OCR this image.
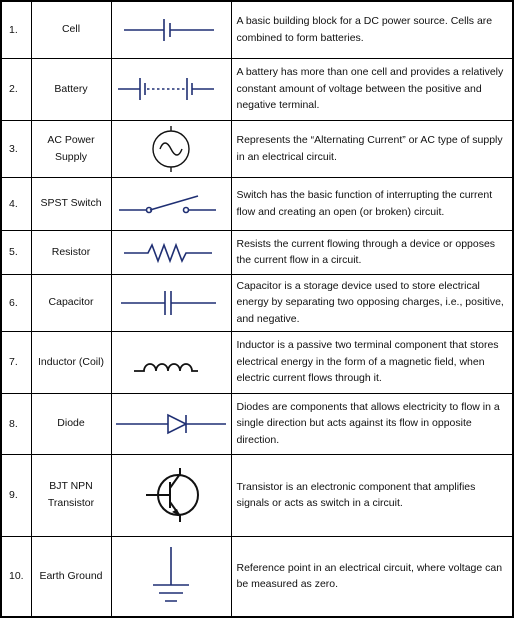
1.	Cell		A basic building block for a DC power source. Cells are combined to form batteries.
2.	Battery		A battery has more than one cell and provides a relatively constant amount of voltage between the positive and negative terminal.
3.	AC Power Supply		Represents the “Alternating Current” or AC type of supply in an electrical circuit.
4.	SPST Switch		Switch has the basic function of interrupting the current flow and creating an open (or broken) circuit.
5.	Resistor		Resists the current flowing through a device or opposes the current flow in a circuit.
6.	Capacitor		Capacitor is a storage device used to store electrical energy by separating two opposing charges, i.e., positive, and negative.
7.	Inductor (Coil)		Inductor is a passive two terminal component that stores electrical energy in the form of a magnetic field, when electric current flows through it.
8.	Diode		Diodes are components that allows electricity to flow in a single direction but acts against its flow in opposite direction.
9.	BJT NPN Transistor		Transistor is an electronic component that amplifies signals or acts as switch in a circuit.
10.	Earth Ground		Reference point in an electrical circuit, where voltage can be measured as zero.
